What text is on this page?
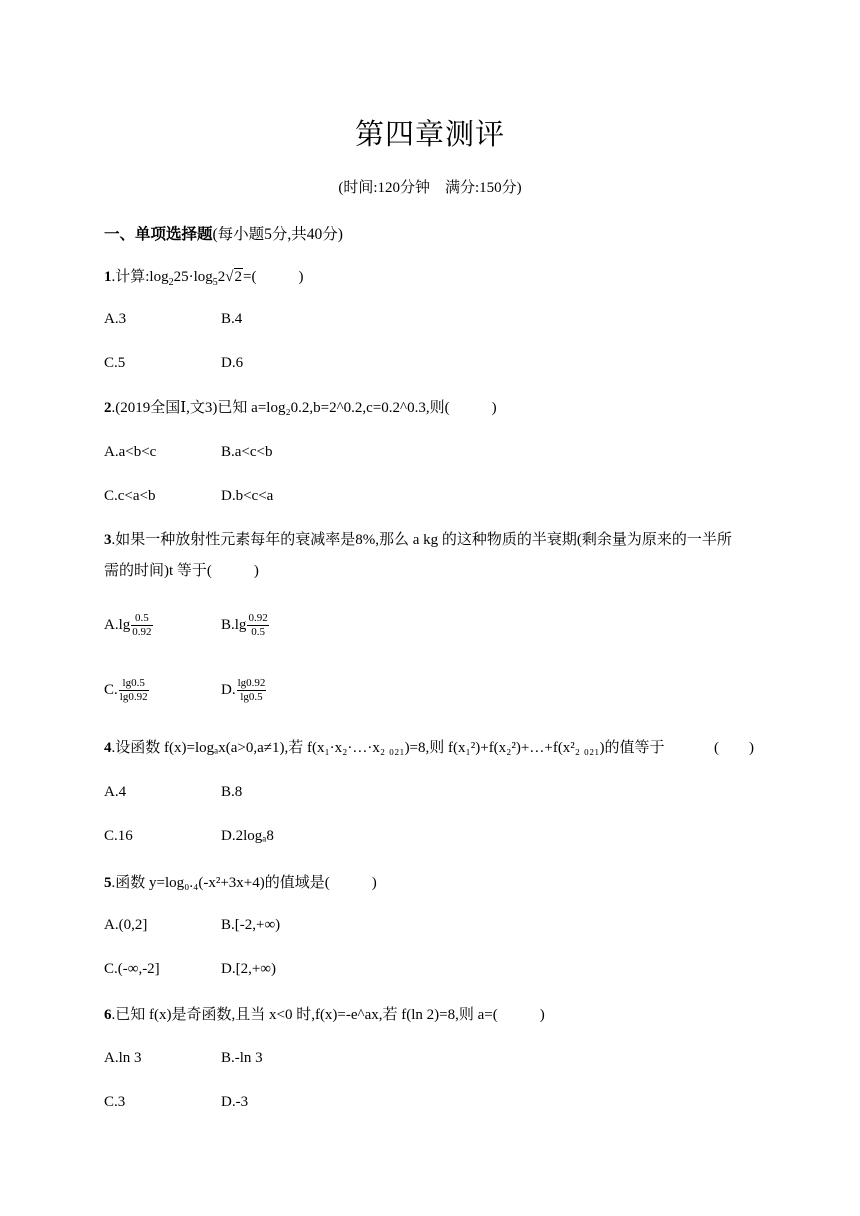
第四章测评
(时间:120分钟　满分:150分)
一、单项选择题(每小题5分,共40分)
1.计算$:\log_225\cdot\log_52√2=$(	)
A.3	B.4
C.5	D.6
2.(2019全国Ⅰ,文3)已知 a=log₂0.2,b=2^0.2,c=0.2^0.3,则(	)
A.a<b<c	B.a<c<b
C.c<a<b	D.b<c<a
3.如果一种放射性元素每年的衰减率是8%,那么 a kg 的这种物质的半衰期(剩余量为原来的一半所
需的时间)t 等于(	)
$A.\lg \frac{0.5}{0.92}$	$B.\lg \frac{0.92}{0.5}$
C. $\frac{\lg 0.5}{\lg 0.92}$	D. $\frac{\lg 0.92}{\lg 0.5}$
4.设函数 f(x)=logₐx(a>0,a≠1),若 f(x₁·x₂·…·x₂ ₀₂₁)=8,则 f(x₁²)+f(x₂²)+…+f(x²₂ ₀₂₁)的值等于	(　　)
A.4	B.8
C.16	D.2logₐ8
5.函数 y=log₀.₄(-x²+3x+4)的值域是(	)
A.(0,2]	B.[-2,+∞)
C.(-∞,-2]	D.[2,+∞)
6.已知 f(x)是奇函数,且当 x<0 时,f(x)=-e^ax,若 f(ln 2)=8,则 a=(	)
A.ln 3	B.-ln 3
C.3	D.-3
